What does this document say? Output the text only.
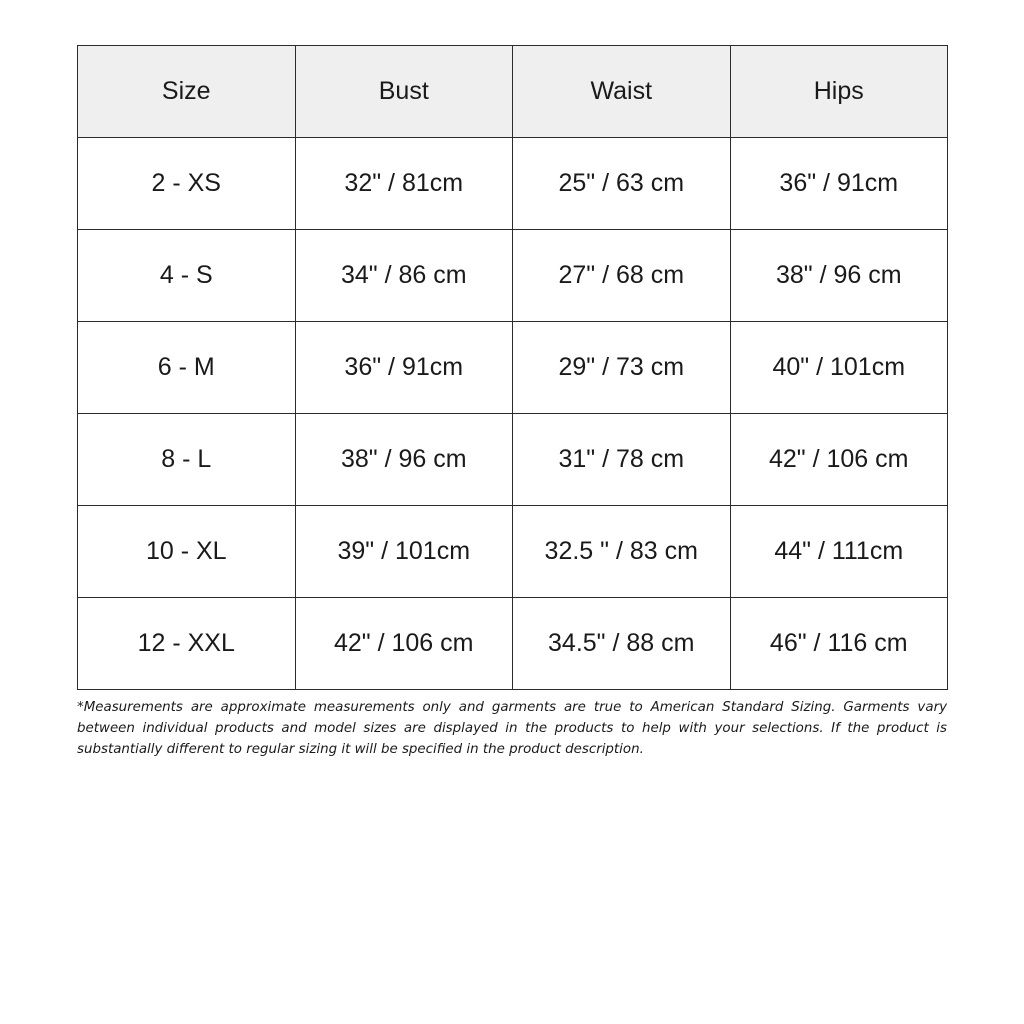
Size	Bust	Waist	Hips
2 - XS	32" / 81cm	25" / 63 cm	36" / 91cm
4 - S	34" / 86 cm	27" / 68 cm	38" / 96 cm
6 - M	36" / 91cm	29" / 73 cm	40" / 101cm
8 - L	38" / 96 cm	31" / 78 cm	42" / 106 cm
10 - XL	39" / 101cm	32.5 " / 83 cm	44" / 111cm
12 - XXL	42" / 106 cm	34.5" / 88 cm	46" / 116 cm

*Measurements are approximate measurements only and garments are true to American Standard Sizing. Garments vary between individual products and model sizes are displayed in the products to help with your selections. If the product is substantially different to regular sizing it will be specified in the product description.
